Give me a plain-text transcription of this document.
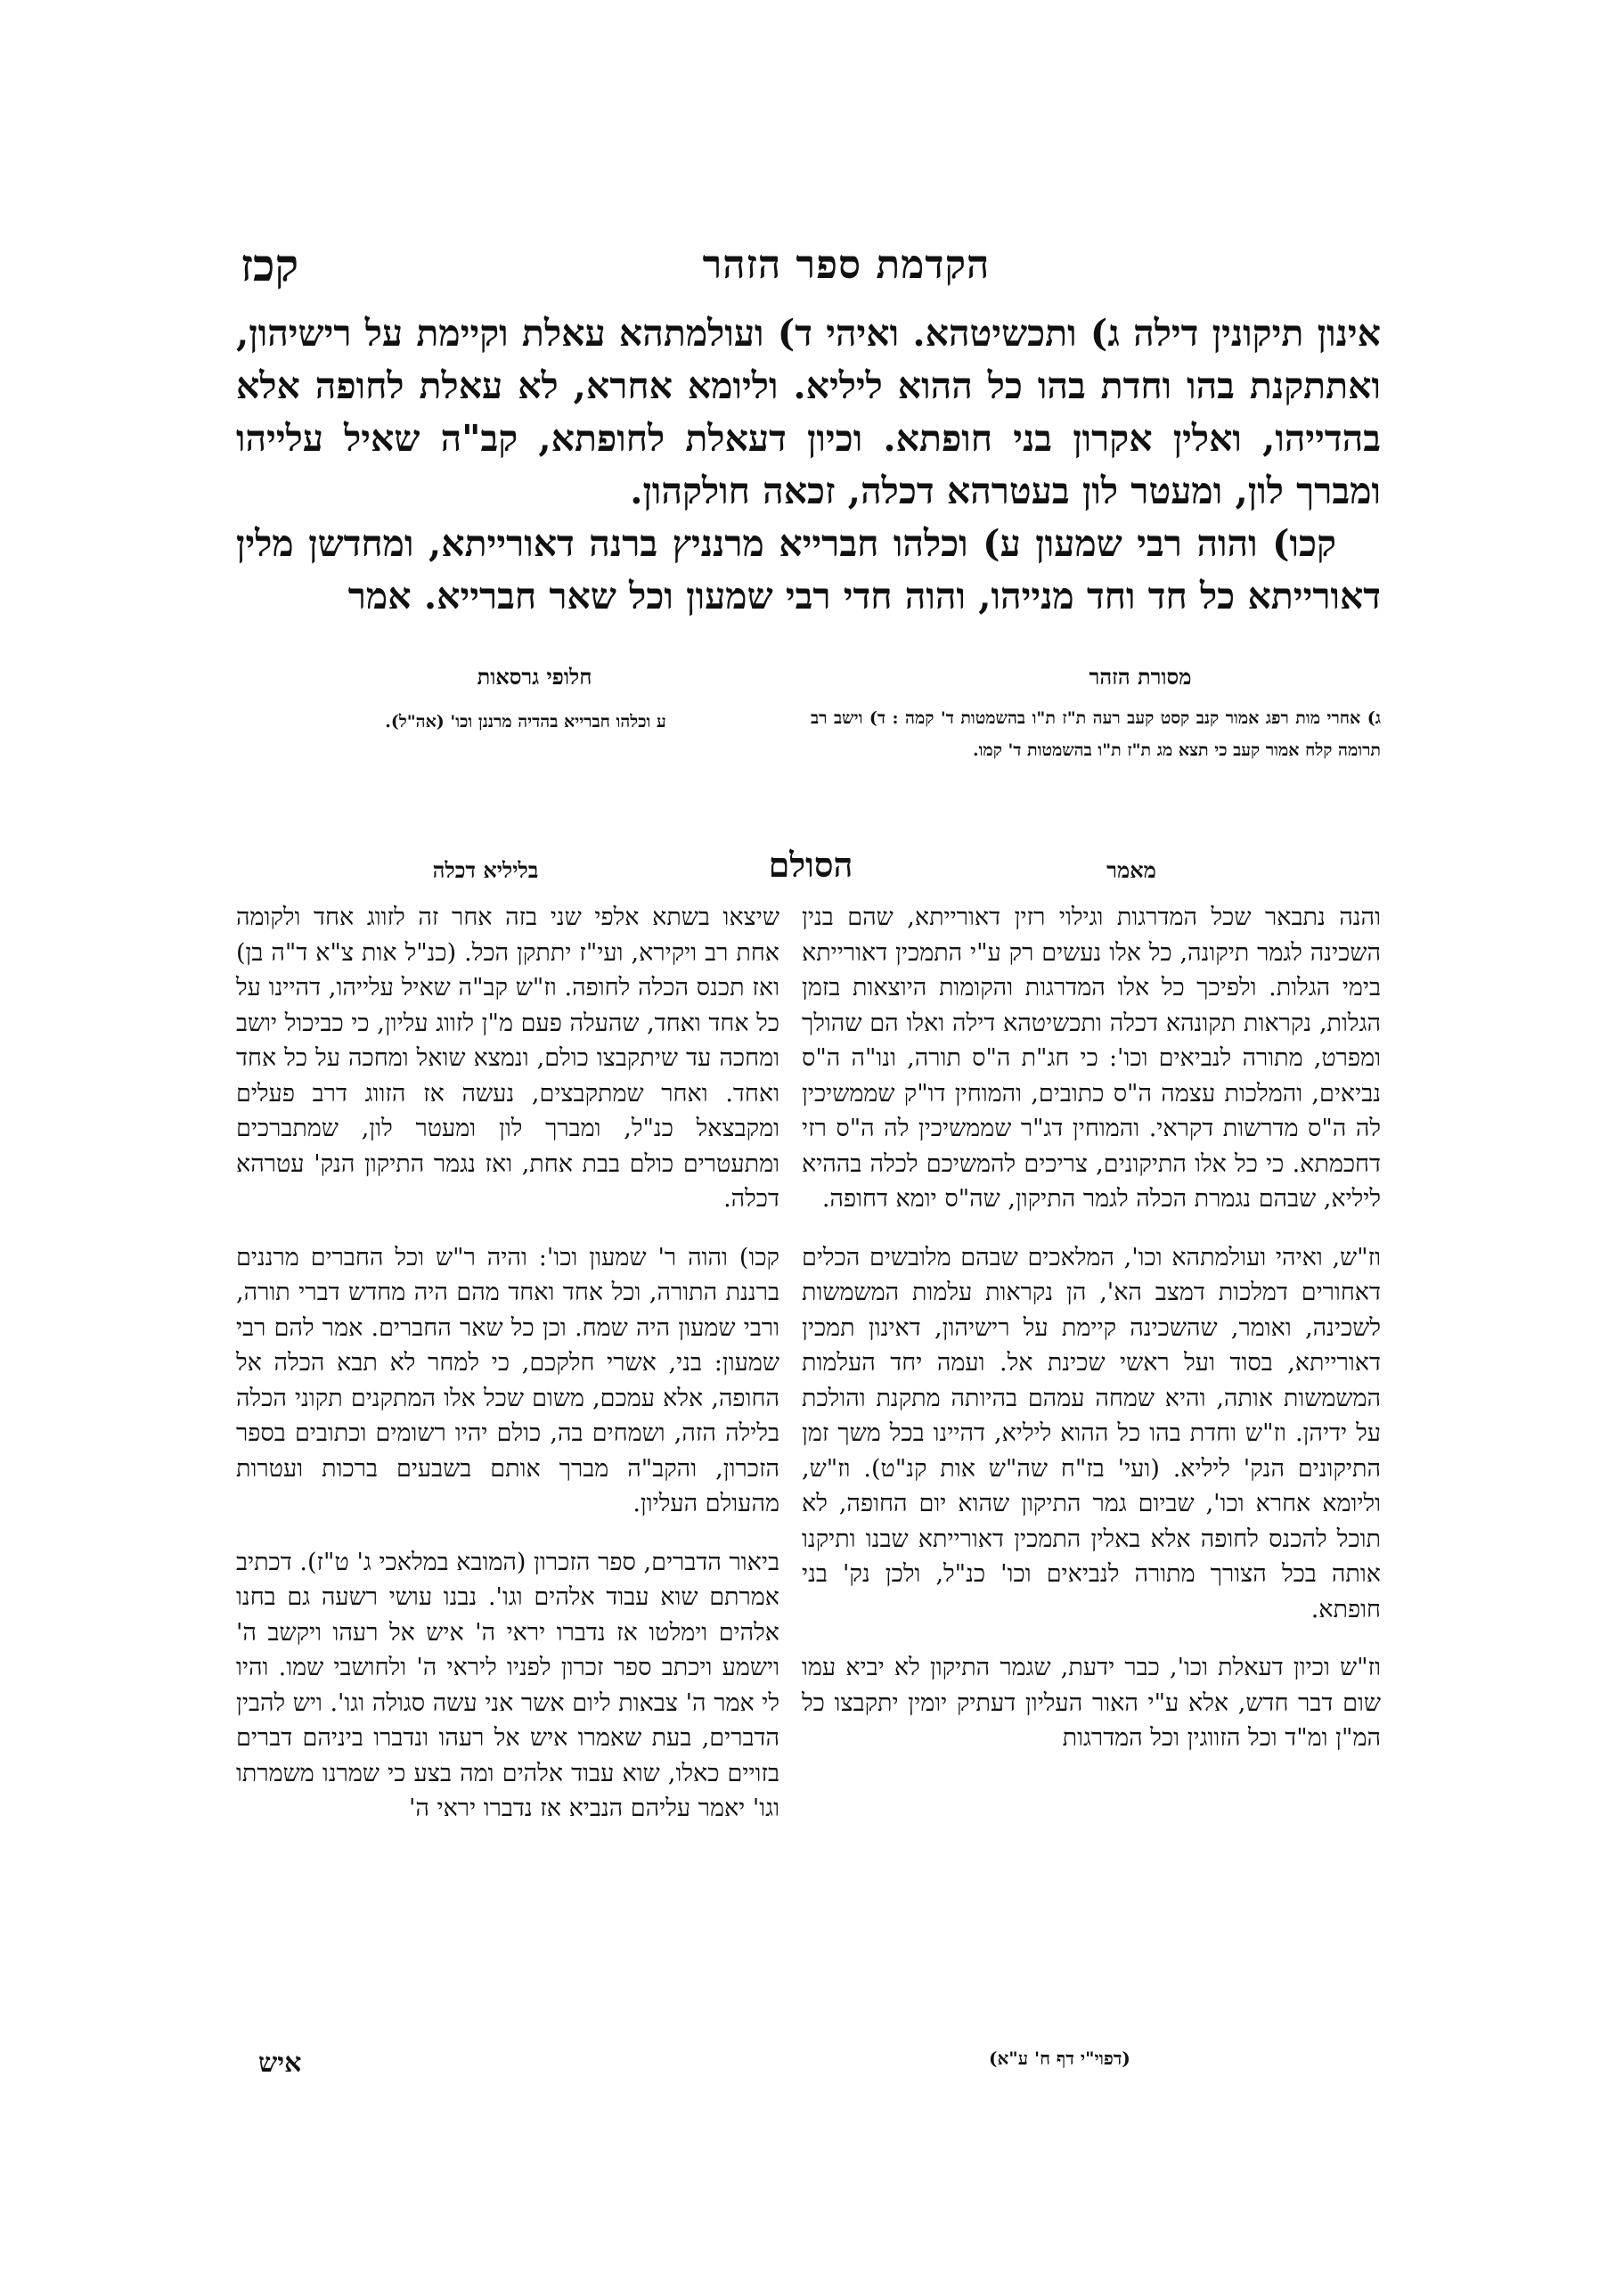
קכז	הקדמת ספר הזהר

אינון תיקונין דילה ג) ותכשיטהא. ואיהי ד) ועולמתהא עאלת וקיימת על רישיהון, ואתתקנת בהו וחדת בהו כל ההוא ליליא. וליומא אחרא, לא עאלת לחופה אלא בהדייהו, ואלין אקרון בני חופתא. וכיון דעאלת לחופתא, קב"ה שאיל עלייהו ומברך לון, ומעטר לון בעטרהא דכלה, זכאה חולקהון.

קכו) והוה רבי שמעון ע) וכלהו חברייא מרנניץ ברנה דאורייתא, ומחדשן מלין דאורייתא כל חד וחד מנייהו, והוה חדי רבי שמעון וכל שאר חברייא. אמר

מסורת הזהר
חלופי גרסאות
ג) אחרי מות רפג אמור קנב קסט קעב רעה ת"ז ת"ו בהשמטות ד' קמה : ד) וישב רב תרומה קלח אמור קעב כי תצא מג ת"ז ת"ו בהשמטות ד' קמו.
ע וכלהו חברייא בהדיה מרננן וכו' (אה"ל).
מאמר
הסולם
בליליא דכלה

והנה נתבאר שכל המדרגות וגילוי רזין דאורייתא, שהם בנין השכינה לגמר תיקונה, כל אלו נעשים רק ע"י התמכין דאורייתא בימי הגלות. ולפיכך כל אלו המדרגות והקומות היוצאות בזמן הגלות, נקראות תקונהא דכלה ותכשיטהא דילה ואלו הם שהולך ומפרט, מתורה לנביאים וכו': כי חג"ת ה"ס תורה, ונו"ה ה"ס נביאים, והמלכות עצמה ה"ס כתובים, והמוחין דו"ק שממשיכין לה ה"ס מדרשות דקראי. והמוחין דג"ר שממשיכין לה ה"ס רזי דחכמתא. כי כל אלו התיקונים, צריכים להמשיכם לכלה בההיא ליליא, שבהם נגמרת הכלה לגמר התיקון, שה"ס יומא דחופה.

וז"ש, ואיהי ועולמתהא וכו', המלאכים שבהם מלובשים הכלים דאחורים דמלכות דמצב הא', הן נקראות עלמות המשמשות לשכינה, ואומר, שהשכינה קיימת על רישיהון, דאינון תמכין דאורייתא, בסוד ועל ראשי שכינת אל. ועמה יחד העלמות המשמשות אותה, והיא שמחה עמהם בהיותה מתקנת והולכת על ידיהן. וז"ש וחדת בהו כל ההוא ליליא, דהיינו בכל משך זמן התיקונים הנק' ליליא. (ועי' בז"ח שה"ש אות קנ"ט). וז"ש, וליומא אחרא וכו', שביום גמר התיקון שהוא יום החופה, לא תוכל להכנס לחופה אלא באלין התמכין דאורייתא שבנו ותיקנו אותה בכל הצורך מתורה לנביאים וכו' כנ"ל, ולכן נק' בני חופתא.

וז"ש וכיון דעאלת וכו', כבר ידעת, שגמר התיקון לא יביא עמו שום דבר חדש, אלא ע"י האור העליון דעתיק יומין יתקבצו כל המ"ן ומ"ד וכל הזווגין וכל המדרגות

שיצאו בשתא אלפי שני בזה אחר זה לזווג אחד ולקומה אחת רב ויקירא, ועי"ז יתתקן הכל. (כנ"ל אות צ"א ד"ה בן) ואז תכנס הכלה לחופה. וז"ש קב"ה שאיל עלייהו, דהיינו על כל אחד ואחד, שהעלה פעם מ"ן לזווג עליון, כי כביכול יושב ומחכה עד שיתקבצו כולם, ונמצא שואל ומחכה על כל אחד ואחד. ואחר שמתקבצים, נעשה אז הזווג דרב פעלים ומקבצאל כנ"ל, ומברך לון ומעטר לון, שמתברכים ומתעטרים כולם בבת אחת, ואז נגמר התיקון הנק' עטרהא דכלה.

קכו) והוה ר' שמעון וכו': והיה ר"ש וכל החברים מרננים ברננת התורה, וכל אחד ואחד מהם היה מחדש דברי תורה, ורבי שמעון היה שמח. וכן כל שאר החברים. אמר להם רבי שמעון: בני, אשרי חלקכם, כי למחר לא תבא הכלה אל החופה, אלא עמכם, משום שכל אלו המתקנים תקוני הכלה בלילה הזה, ושמחים בה, כולם יהיו רשומים וכתובים בספר הזכרון, והקב"ה מברך אותם בשבעים ברכות ועטרות מהעולם העליון.

ביאור הדברים, ספר הזכרון (המובא במלאכי ג' ט"ז). דכתיב אמרתם שוא עבוד אלהים וגו'. נבנו עושי רשעה גם בחנו אלהים וימלטו אז נדברו יראי ה' איש אל רעהו ויקשב ה' וישמע ויכתב ספר זכרון לפניו ליראי ה' ולחושבי שמו. והיו לי אמר ה' צבאות ליום אשר אני עשה סגולה וגו'. ויש להבין הדברים, בעת שאמרו איש אל רעהו ונדברו ביניהם דברים בזויים כאלו, שוא עבוד אלהים ומה בצע כי שמרנו משמרתו וגו' יאמר עליהם הנביא אז נדברו יראי ה'

(דפוי"י דף ח' ע"א)
איש
